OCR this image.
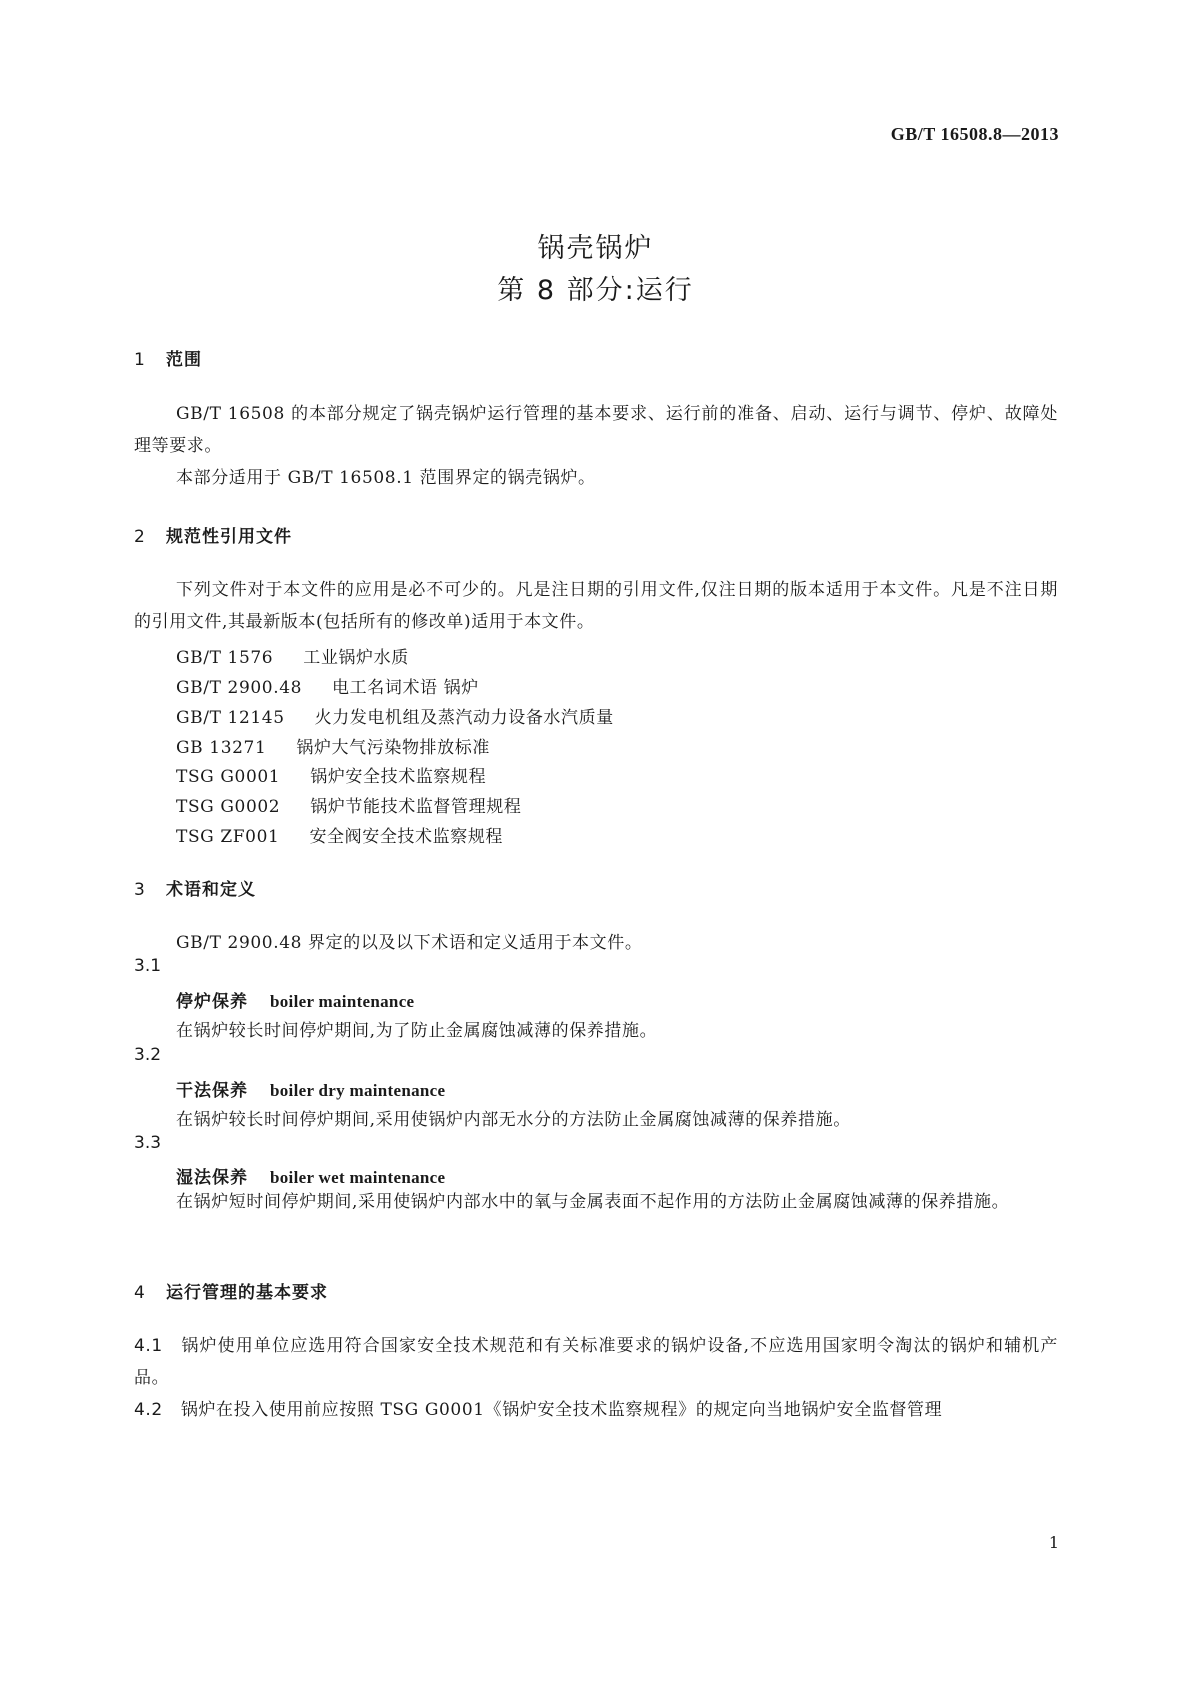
GB/T 16508.8—2013
锅壳锅炉
第 8 部分:运行
1 范围
GB/T 16508 的本部分规定了锅壳锅炉运行管理的基本要求、运行前的准备、启动、运行与调节、停炉、故障处理等要求。
本部分适用于 GB/T 16508.1 范围界定的锅壳锅炉。
2 规范性引用文件
下列文件对于本文件的应用是必不可少的。凡是注日期的引用文件,仅注日期的版本适用于本文件。凡是不注日期的引用文件,其最新版本(包括所有的修改单)适用于本文件。
GB/T 1576 工业锅炉水质
GB/T 2900.48 电工名词术语 锅炉
GB/T 12145 火力发电机组及蒸汽动力设备水汽质量
GB 13271 锅炉大气污染物排放标准
TSG G0001 锅炉安全技术监察规程
TSG G0002 锅炉节能技术监督管理规程
TSG ZF001 安全阀安全技术监察规程
3 术语和定义
GB/T 2900.48 界定的以及以下术语和定义适用于本文件。
3.1
停炉保养 boiler maintenance
在锅炉较长时间停炉期间,为了防止金属腐蚀减薄的保养措施。
3.2
干法保养 boiler dry maintenance
在锅炉较长时间停炉期间,采用使锅炉内部无水分的方法防止金属腐蚀减薄的保养措施。
3.3
湿法保养 boiler wet maintenance
在锅炉短时间停炉期间,采用使锅炉内部水中的氧与金属表面不起作用的方法防止金属腐蚀减薄的保养措施。
4 运行管理的基本要求
4.1 锅炉使用单位应选用符合国家安全技术规范和有关标准要求的锅炉设备,不应选用国家明令淘汰的锅炉和辅机产品。
4.2 锅炉在投入使用前应按照 TSG G0001《锅炉安全技术监察规程》的规定向当地锅炉安全监督管理
1
